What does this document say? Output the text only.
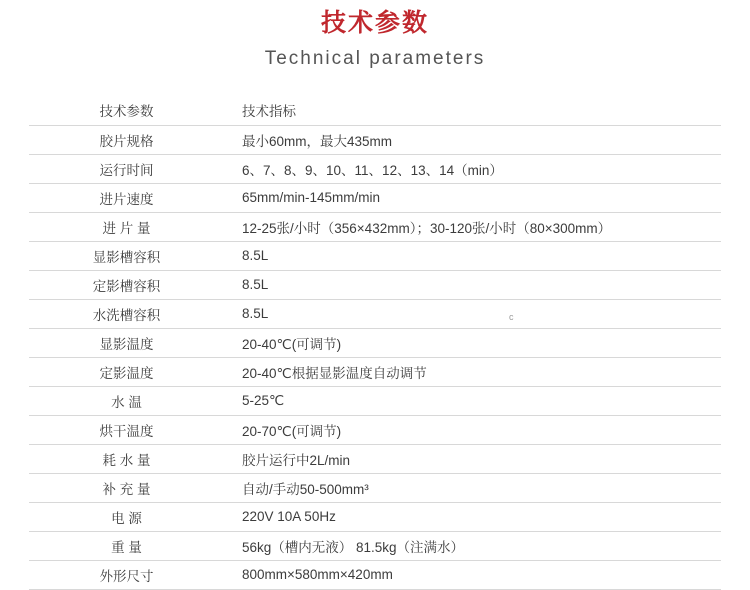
技术参数
Technical parameters
c
技术参数	技术指标
胶片规格	最小60mm，最大435mm
运行时间	6、7、8、9、10、11、12、13、14（min）
进片速度	65mm/min-145mm/min
进 片 量	12-25张/小时（356×432mm）；30-120张/小时（80×300mm）
显影槽容积	8.5L
定影槽容积	8.5L
水洗槽容积	8.5L
显影温度	20-40℃(可调节)
定影温度	20-40℃根据显影温度自动调节
水 温	5-25℃
烘干温度	20-70℃(可调节)
耗 水 量	胶片运行中2L/min
补 充 量	自动/手动50-500mm³
电 源	220V 10A 50Hz
重 量	56kg（槽内无液） 81.5kg（注满水）
外形尺寸	800mm×580mm×420mm
